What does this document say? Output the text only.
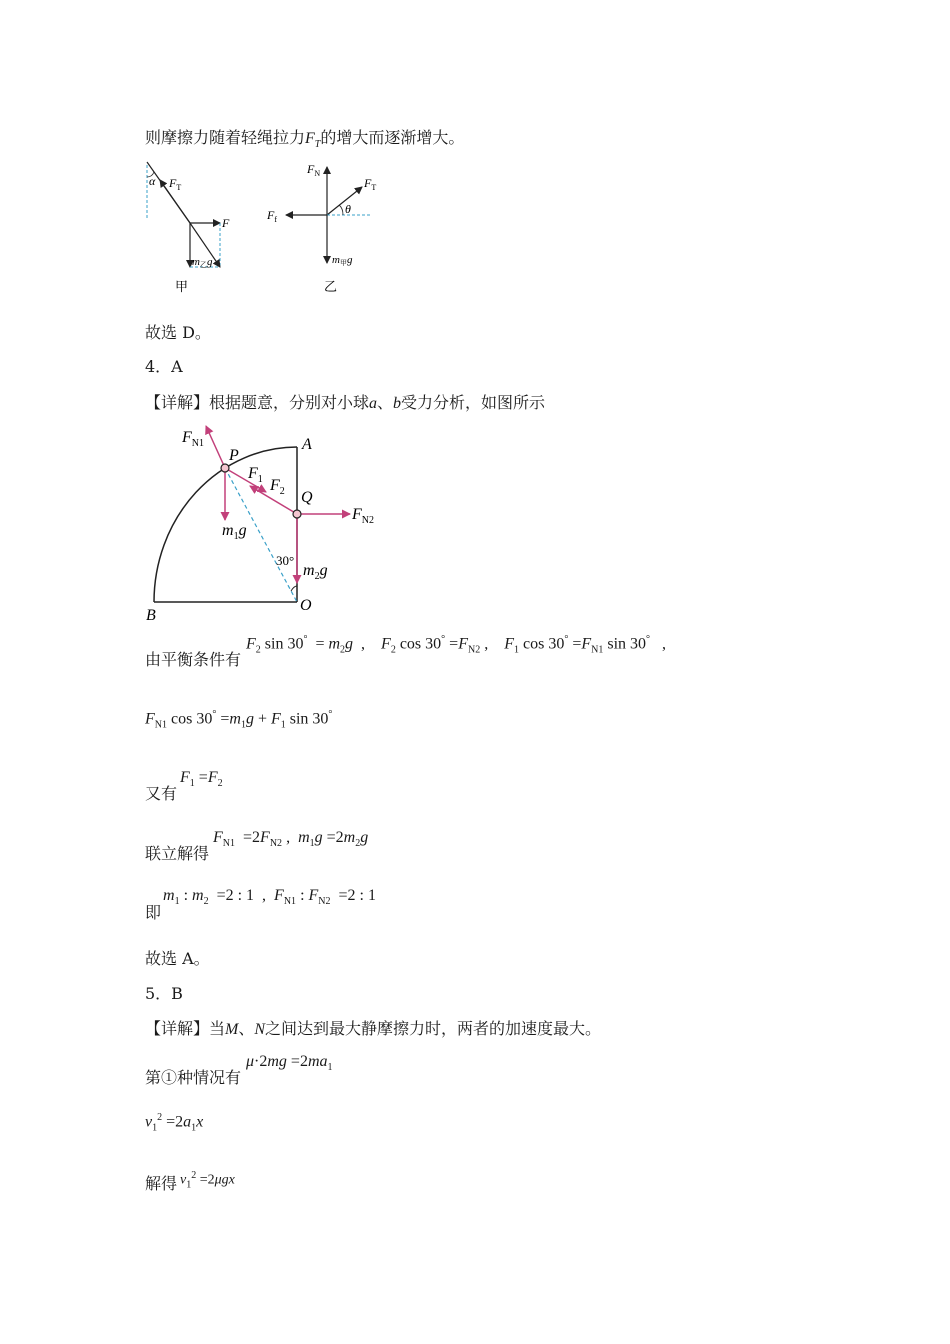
则摩擦力随着轻绳拉力$F_T$的增大而逐渐增大。
α $F_T$
F
m乙g
甲
$F_N$
$F_T$
$F_f$
θ
m甲g
乙
故选 D。
4．A
【详解】根据题意，分别对小球a、b受力分析，如图所示
$F_{N1}$
P
A
$F_1$ $F_2$ Q
$F_{N2}$
$m_1g$
30°
$m_2g$
B
O
由平衡条件有
$F_2$ $\sin 30^\circ = m_2g$  ,    $F_2$ $\cos 30^\circ =F_{N2}$ ,    $F_1$ $\cos 30^\circ =F_{N1}$ sin 30°   ,
$F_{N1}$ $\cos 30^\circ =m_1g + F_1$ sin 30°
又有
$F_1 =F_2$
联立解得
$F_{N1} =2F_{N2}$ ,  $m_1g =2m_2g$
即
$m_1$ : $m_2 =2$ : 1  ,  $F_{N1}$ : $F_{N2} =2$ : 1
故选 A。
5．B
【详解】当M、N之间达到最大静摩擦力时，两者的加速度最大。
第①种情况有
$\mu\cdot 2mg =2ma_1$
$v_1^2 =2a_1x$
解得 $v_1^2 =2\mu gx$
